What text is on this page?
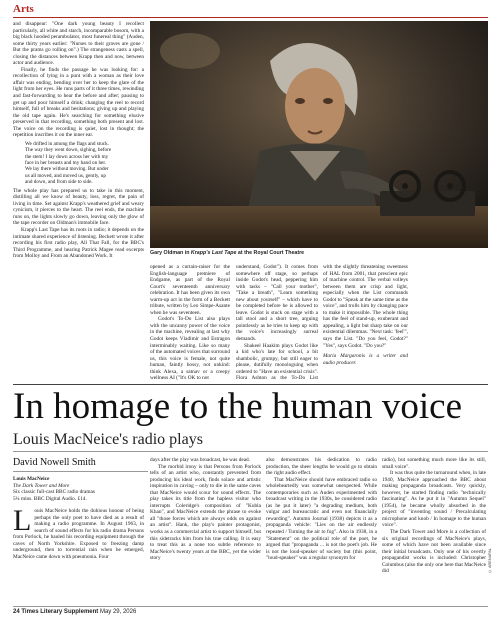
Arts

and disappear: "One dark young beauty I recollect particularly, all white and starch, incomparable bosom, with a big black hooded perambulator, most funereal thing" (Auden, some thirty years earlier: "Nurses to their graves are gone / But the prams go rolling on".) The strangeness casts a spell, closing the distances between Krapp then and now, between actor and audience.

Finally, he finds the passage he was looking for: a recollection of lying in a punt with a woman as their love affair was ending, bending over her to keep the glare of the light from her eyes. He runs parts of it three times, rewinding and fast-forwarding to hear the before and after; pausing to get up and pour himself a drink; changing the reel to record himself, full of breaks and hesitations; giving up and playing the old tape again. He's searching for something elusive preserved in that recording, something both present and lost. The voice on the recording is quiet, lost in thought; the repetition inscribes it on the inner ear.

We drifted in among the flags and stuck.
The way they went down, sighing, before
the stem! I lay down across her with my
face in her breasts and my hand on her.
We lay there without moving. But under
us all moved, and moved us, gently, up
and down, and from side to side.

The whole play has prepared us to take in this moment, distilling all we know of beauty, loss, regret, the pain of living in time. Set against Krapp's weathered grief and weary cynicism, it pierces to the heart. The reel ends, the machine runs on, the lights slowly go down, leaving only the glow of the tape recorder on Oldman's immobile face.

Krapp's Last Tape has its roots in radio; it depends on the intimate shared experience of listening. Beckett wrote it after recording his first radio play, All That Fall, for the BBC's Third Programme, and hearing Patrick Magee read excerpts from Molloy and From an Abandoned Work. It

Gary Oldman in Krapp's Last Tape at the Royal Court Theatre

opened as a curtain-raiser for the English-language premiere of Endgame, as part of the Royal Court's seventeenth anniversary celebration. It has been given its own warm-up act in the form of a Beckett tribute, written by Leo Simpe-Asante when he was seventeen.

Godot's To-Do List also plays with the uncanny power of the voice in the machine, revealing at last why Godot keeps Vladimir and Estragon interminably waiting. Like so many of the automated voices that surround us, this voice is female, not quite human, faintly bossy, not unkind: think Alexa, a satnav or a creepy wellness AI ("It's OK to not

understand, Godot"). It comes from somewhere off stage, so perhaps inside Godot's head, peppering him with tasks – "Call your mother", "Take a breath", "Learn something new about yourself" – which have to be completed before he is allowed to leave. Godot is stuck on stage with a tall stool and a short tree, arguing pointlessly as he tries to keep up with the voice's increasingly surreal demands.

Shakeel Haakim plays Godot like a kid who's late for school, a bit shambolic, grumpy, but still eager to please, dutifully monologuing when ordered to "Have an existential crisis". Flora Ashton as the To-Do List

with the slightly threatening sweetness of HAL from 2001, that prescient epic of machine control. The verbal volleys between them are crisp and light, especially when the List commands Godot to "Speak at the same time as the voice", and trolls him by changing pace to make it impossible. The whole thing has the feel of stand-up, exuberant and appealing, a light but sharp take on our existential dilemmas. "Next task: 'feel'", says the List. "Do you feel, Godot?" "Yes", says Godot. "Do you?"

Maria Margaronis is a writer and audio producer.

In homage to the human voice
Louis MacNeice's radio plays
David Nowell Smith
Louis MacNeice
The Dark Tower and More
Six classic full-cast BBC radio dramas
5¼ mins. BBC Digital Audio. £14.
L ouis MacNeice holds the dubious honour of being perhaps the only poet to have died as a result of making a radio programme. In August 1963, in search of sound effects for his radio drama Persons from Porlock, he hauled his recording equipment through the caves of North Yorkshire. Exposed to freezing damp underground, then to torrential rain when he emerged, MacNeice came down with pneumonia. Four

days after the play was broadcast, he was dead.

The morbid irony is that Persons from Porlock tells of an artist who, constantly prevented from producing his ideal work, finds solace and artistic inspiration in caving – only to die in the same caves that MacNeice would scour for sound effects. The play takes its title from the hapless visitor who interrupts Coleridge's composition of "Kubla Khan", and MacNeice extends the phrase to evoke all "those forces which are always odds on against an artist". Hank, the play's painter protagonist, works as a commercial artist to support himself, but this sidetracks him from his true calling. It is easy to treat this as a none too subtle reference to MacNeice's twenty years at the BBC, yet the wider story

also demonstrates his dedication to radio production, the sheer lengths he would go to obtain the right audio effect.

That MacNeice should have embraced radio so wholeheartedly was somewhat unexpected. While contemporaries such as Auden experimented with broadcast writing in the 1930s, he considered radio (as he put it later) "a degrading medium, both vulgar and bureaucratic and even not financially rewarding". Autumn Journal (1938) depicts it as a propaganda vehicle: "Lies on the air endlessly repeated / Turning the air to fog". Also in 1938, in a "Statement" on the political role of the poet, he argued that "propaganda ... is not the poet's job. He is not the loud-speaker of society but (this point, "loud-speaker" was a regular synonym for

radio), but something much more like its still, small voice".

It was thus quite the turnaround when, in late 1940, MacNeice approached the BBC about making propaganda broadcasts. Very quickly, however, he started finding radio "technically fascinating". As he put it in "Autumn Sequel" (1954), he became wholly absorbed in the project of "inventing sound / Precalculating microphone and knob / In homage to the human voice".

The Dark Tower and More is a collection of six original recordings of MacNeice's plays, some of which have not been available since their initial broadcasts. Only one of his overtly propagandist works is included: Christopher Columbus (also the only one here that MacNeice did	© ARENAPAL
24 Times Literary Supplement May 29, 2026
